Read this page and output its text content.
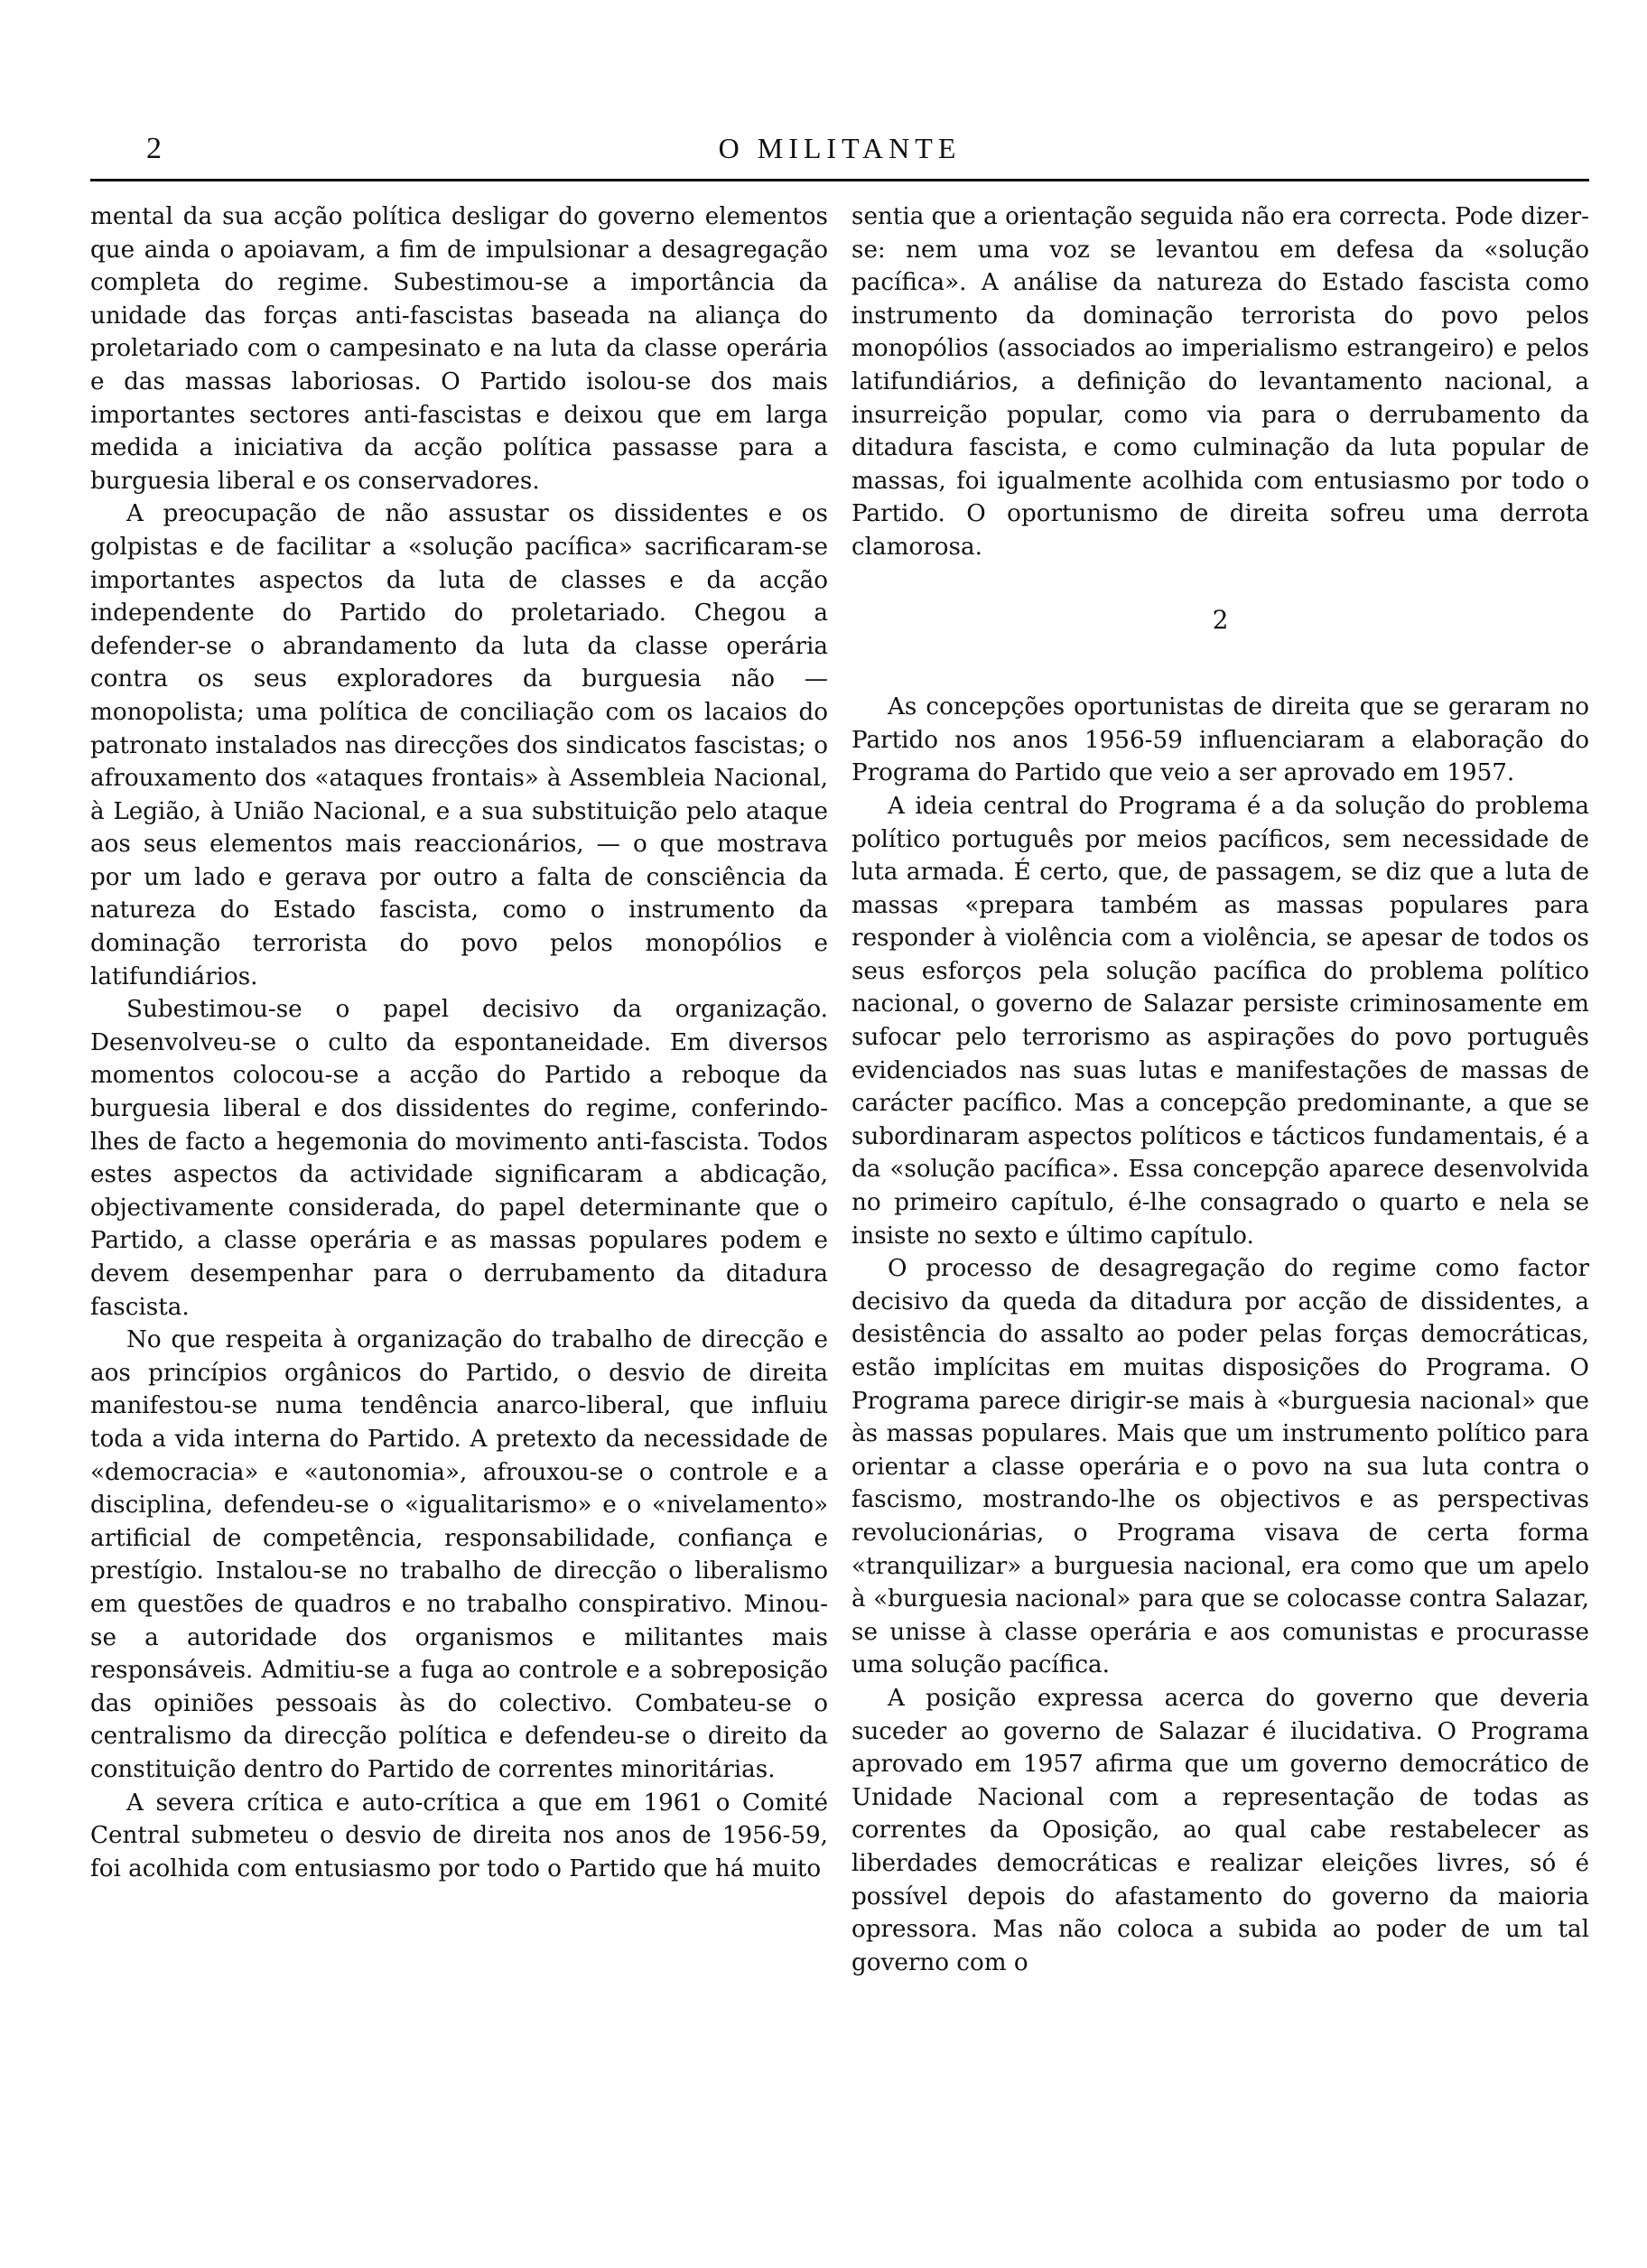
2	O MILITANTE

mental da sua acção política desligar do governo elementos que ainda o apoiavam, a fim de impulsionar a desagregação completa do regime. Subestimou-se a importância da unidade das forças anti-fascistas baseada na aliança do proletariado com o campesinato e na luta da classe operária e das massas laboriosas. O Partido isolou-se dos mais importantes sectores anti-fascistas e deixou que em larga medida a iniciativa da acção política passasse para a burguesia liberal e os conservadores.

A preocupação de não assustar os dissidentes e os golpistas e de facilitar a «solução pacífica» sacrificaram-se importantes aspectos da luta de classes e da acção independente do Partido do proletariado. Chegou a defender-se o abrandamento da luta da classe operária contra os seus exploradores da burguesia não — monopolista; uma política de conciliação com os lacaios do patronato instalados nas direcções dos sindicatos fascistas; o afrouxamento dos «ataques frontais» à Assembleia Nacional, à Legião, à União Nacional, e a sua substituição pelo ataque aos seus elementos mais reaccionários, — o que mostrava por um lado e gerava por outro a falta de consciência da natureza do Estado fascista, como o instrumento da dominação terrorista do povo pelos monopólios e latifundiários.

Subestimou-se o papel decisivo da organização. Desenvolveu-se o culto da espontaneidade. Em diversos momentos colocou-se a acção do Partido a reboque da burguesia liberal e dos dissidentes do regime, conferindo-lhes de facto a hegemonia do movimento anti-fascista. Todos estes aspectos da actividade significaram a abdicação, objectivamente considerada, do papel determinante que o Partido, a classe operária e as massas populares podem e devem desempenhar para o derrubamento da ditadura fascista.

No que respeita à organização do trabalho de direcção e aos princípios orgânicos do Partido, o desvio de direita manifestou-se numa tendência anarco-liberal, que influiu toda a vida interna do Partido. A pretexto da necessidade de «democracia» e «autonomia», afrouxou-se o controle e a disciplina, defendeu-se o «igualitarismo» e o «nivelamento» artificial de competência, responsabilidade, confiança e prestígio. Instalou-se no trabalho de direcção o liberalismo em questões de quadros e no trabalho conspirativo. Minou-se a autoridade dos organismos e militantes mais responsáveis. Admitiu-se a fuga ao controle e a sobreposição das opiniões pessoais às do colectivo. Combateu-se o centralismo da direcção política e defendeu-se o direito da constituição dentro do Partido de correntes minoritárias.

A severa crítica e auto-crítica a que em 1961 o Comité Central submeteu o desvio de direita nos anos de 1956-59, foi acolhida com entusiasmo por todo o Partido que há muito

sentia que a orientação seguida não era correcta. Pode dizer-se: nem uma voz se levantou em defesa da «solução pacífica». A análise da natureza do Estado fascista como instrumento da dominação terrorista do povo pelos monopólios (associados ao imperialismo estrangeiro) e pelos latifundiários, a definição do levantamento nacional, a insurreição popular, como via para o derrubamento da ditadura fascista, e como culminação da luta popular de massas, foi igualmente acolhida com entusiasmo por todo o Partido. O oportunismo de direita sofreu uma derrota clamorosa.

2

As concepções oportunistas de direita que se geraram no Partido nos anos 1956-59 influenciaram a elaboração do Programa do Partido que veio a ser aprovado em 1957.

A ideia central do Programa é a da solução do problema político português por meios pacíficos, sem necessidade de luta armada. É certo, que, de passagem, se diz que a luta de massas «prepara também as massas populares para responder à violência com a violência, se apesar de todos os seus esforços pela solução pacífica do problema político nacional, o governo de Salazar persiste criminosamente em sufocar pelo terrorismo as aspirações do povo português evidenciados nas suas lutas e manifestações de massas de carácter pacífico. Mas a concepção predominante, a que se subordinaram aspectos políticos e tácticos fundamentais, é a da «solução pacífica». Essa concepção aparece desenvolvida no primeiro capítulo, é-lhe consagrado o quarto e nela se insiste no sexto e último capítulo.

O processo de desagregação do regime como factor decisivo da queda da ditadura por acção de dissidentes, a desistência do assalto ao poder pelas forças democráticas, estão implícitas em muitas disposições do Programa. O Programa parece dirigir-se mais à «burguesia nacional» que às massas populares. Mais que um instrumento político para orientar a classe operária e o povo na sua luta contra o fascismo, mostrando-lhe os objectivos e as perspectivas revolucionárias, o Programa visava de certa forma «tranquilizar» a burguesia nacional, era como que um apelo à «burguesia nacional» para que se colocasse contra Salazar, se unisse à classe operária e aos comunistas e procurasse uma solução pacífica.

A posição expressa acerca do governo que deveria suceder ao governo de Salazar é ilucidativa. O Programa aprovado em 1957 afirma que um governo democrático de Unidade Nacional com a representação de todas as correntes da Oposição, ao qual cabe restabelecer as liberdades democráticas e realizar eleições livres, só é possível depois do afastamento do governo da maioria opressora. Mas não coloca a subida ao poder de um tal governo com o
